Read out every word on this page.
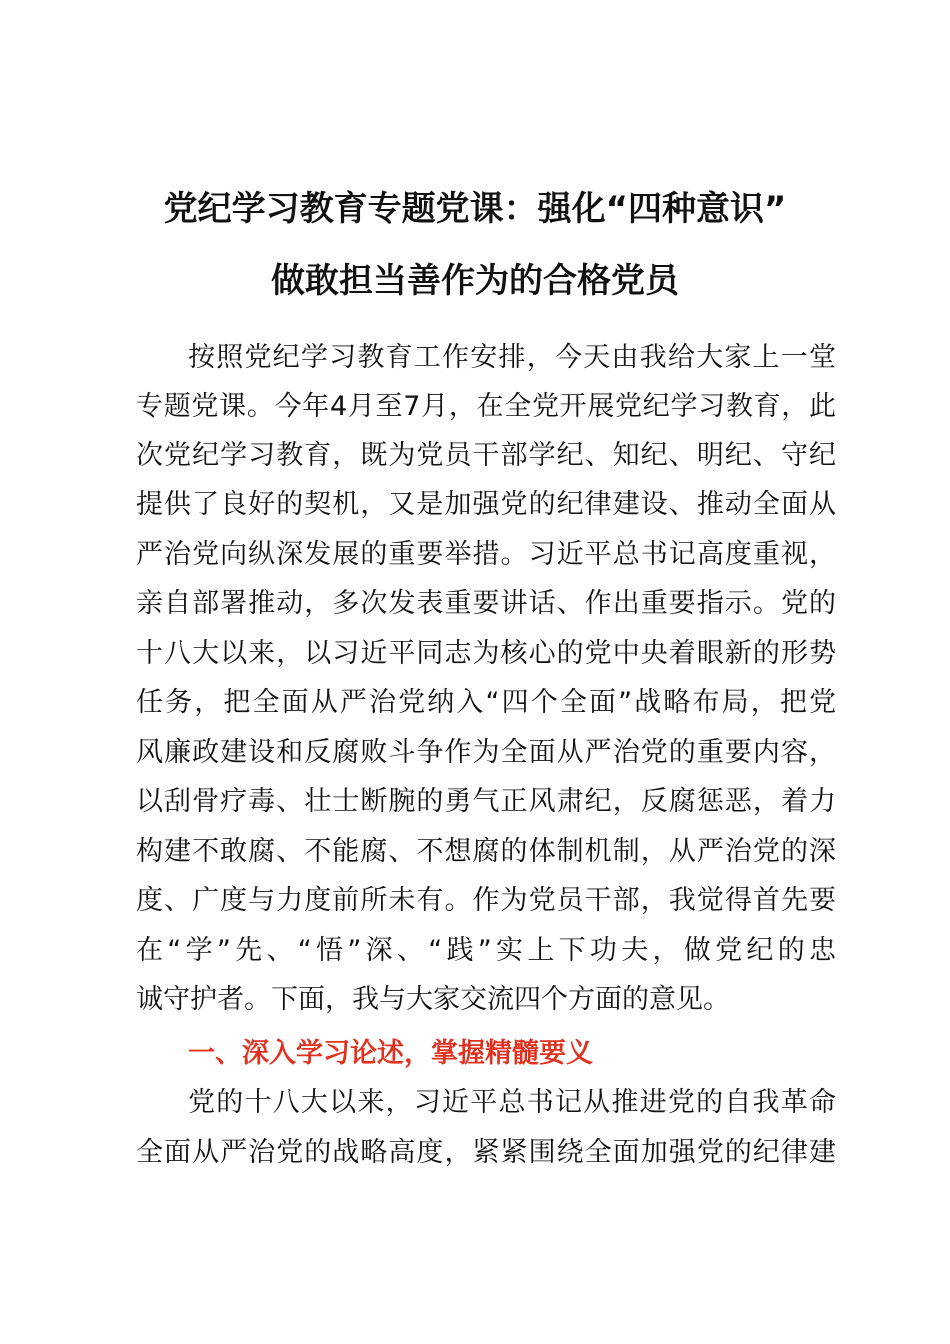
党纪学习教育专题党课：强化“四种意识”
做敢担当善作为的合格党员
按照党纪学习教育工作安排，今天由我给大家上一堂
专题党课。今年4月至7月，在全党开展党纪学习教育，此
次党纪学习教育，既为党员干部学纪、知纪、明纪、守纪
提供了良好的契机，又是加强党的纪律建设、推动全面从
严治党向纵深发展的重要举措。习近平总书记高度重视，
亲自部署推动，多次发表重要讲话、作出重要指示。党的
十八大以来，以习近平同志为核心的党中央着眼新的形势
任务，把全面从严治党纳入“四个全面”战略布局，把党
风廉政建设和反腐败斗争作为全面从严治党的重要内容，
以刮骨疗毒、壮士断腕的勇气正风肃纪，反腐惩恶，着力
构建不敢腐、不能腐、不想腐的体制机制，从严治党的深
度、广度与力度前所未有。作为党员干部，我觉得首先要
在“学”先、“悟”深、“践”实上下功夫，做党纪的忠
诚守护者。下面，我与大家交流四个方面的意见。
一、深入学习论述，掌握精髓要义
党的十八大以来，习近平总书记从推进党的自我革命
全面从严治党的战略高度，紧紧围绕全面加强党的纪律建
